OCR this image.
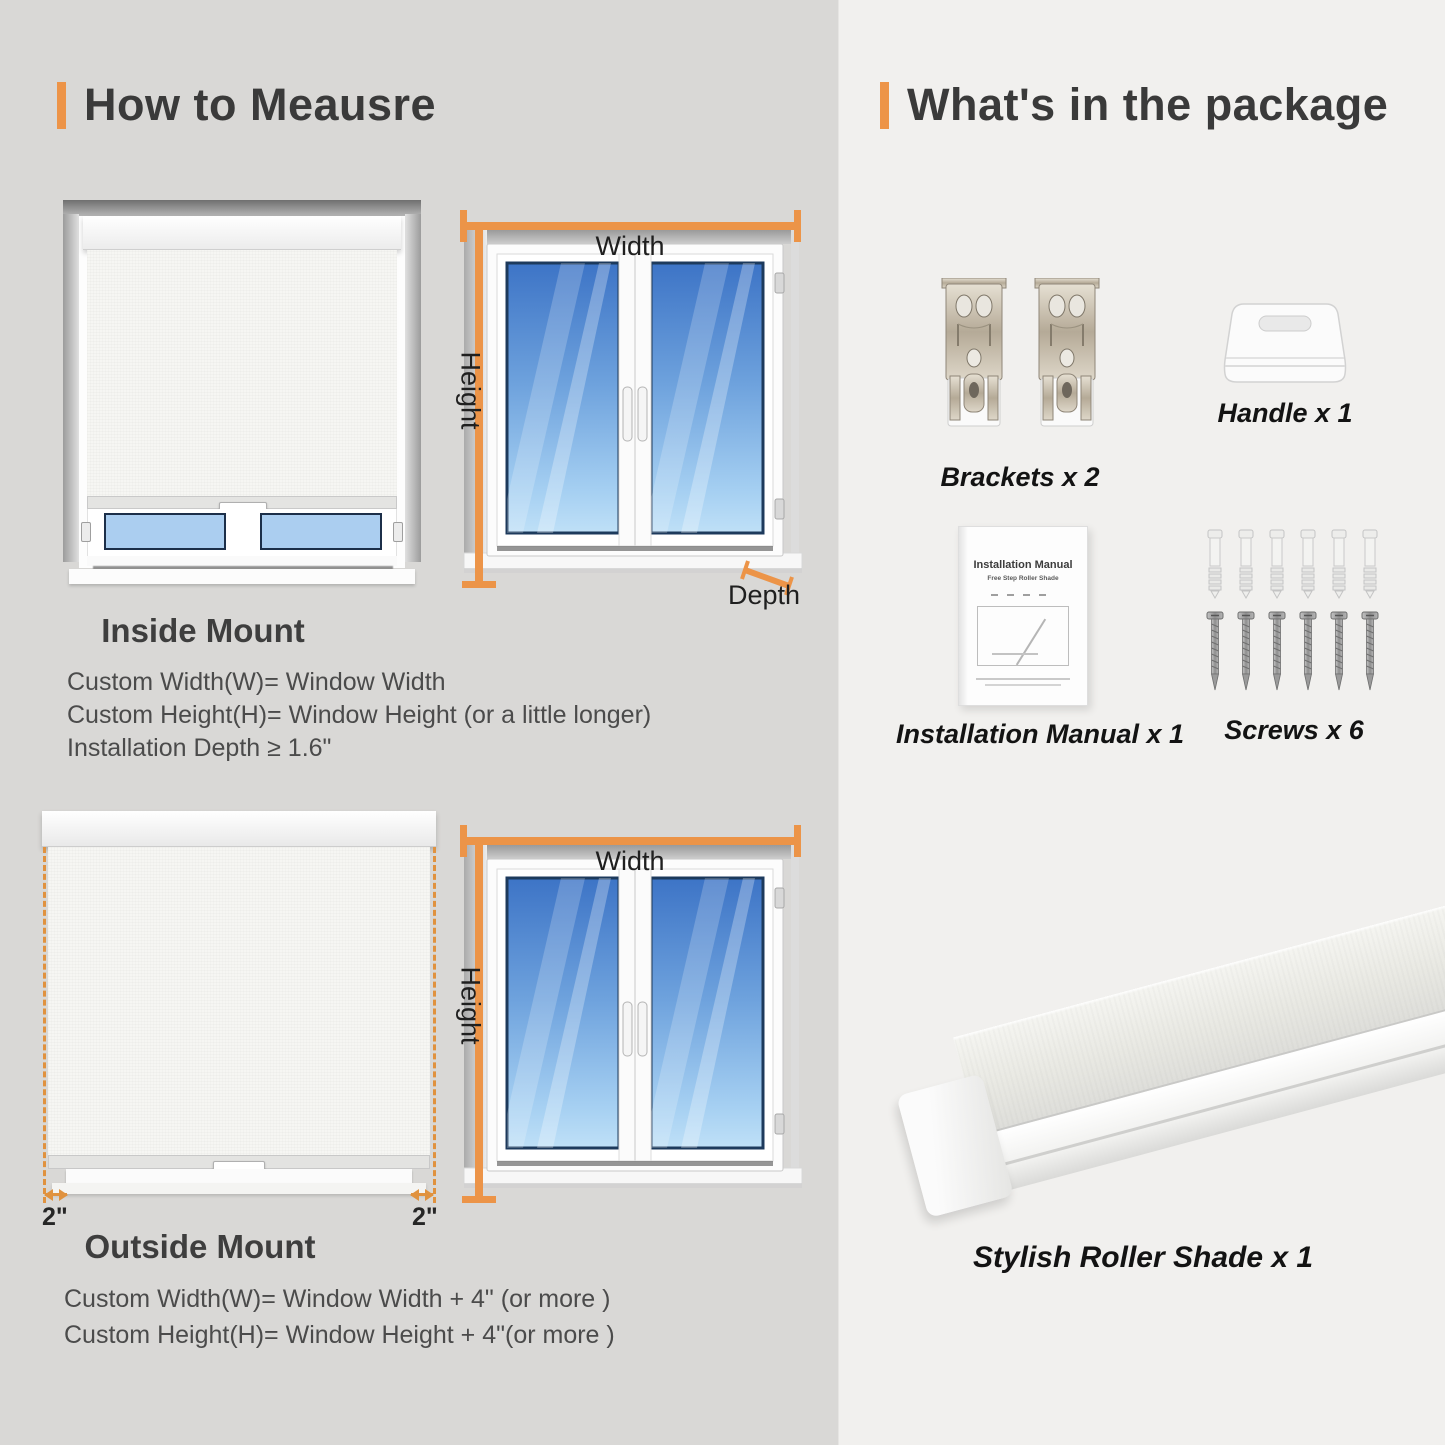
How to Meausre	What's in the package
Width
Height
Depth
Inside Mount
Custom Width(W)= Window Width
Custom Height(H)= Window Height (or a little longer)
Installation Depth ≥ 1.6"
2"	2"
Width
Height
Outside Mount
Custom Width(W)= Window Width + 4" (or more )
Custom Height(H)= Window Height + 4"(or more )
Brackets x 2
Handle x 1
Installation Manual
Free Step Roller Shade
Installation Manual x 1	Screws x 6
Stylish Roller Shade x 1
